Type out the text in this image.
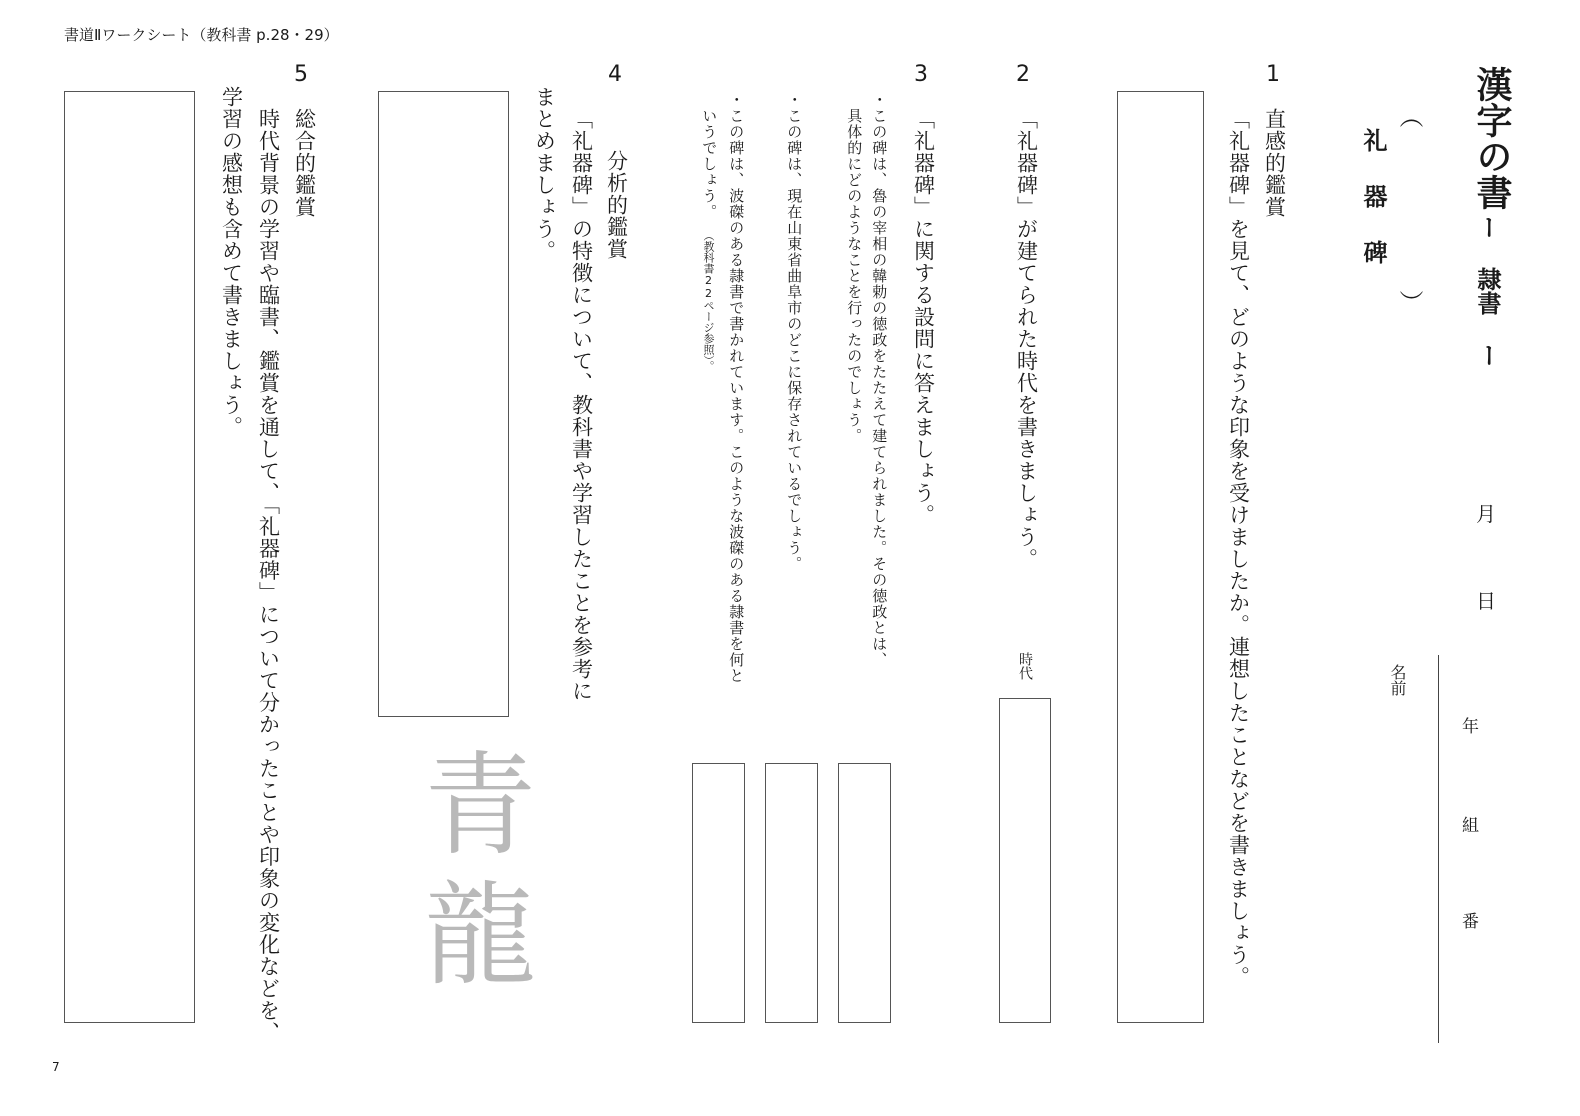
書道Ⅱワークシート（教科書 p.28・29）
7
漢字の書
ー 隷書 ー
（
礼　器　碑
）
月
日
名前
年
組
番
1
直感的鑑賞
「礼器碑」を見て、どのような印象を受けましたか。連想したことなどを書きましょう。
2
「礼器碑」が建てられた時代を書きましょう。
時代
3
「礼器碑」に関する設問に答えましょう。
・この碑は、魯の宰相の韓勅の徳政をたたえて建てられました。その徳政とは、
具体的にどのようなことを行ったのでしょう。
・この碑は、現在山東省曲阜市のどこに保存されているでしょう。
・この碑は、波磔のある隷書で書かれています。このような波磔のある隷書を何と
いうでしょう。
（教科書22ページ参照）。
4
分析的鑑賞
「礼器碑」の特徴について、教科書や学習したことを参考に
まとめましょう。
青
龍
5
総合的鑑賞
時代背景の学習や臨書、鑑賞を通して、「礼器碑」について分かったことや印象の変化などを、
学習の感想も含めて書きましょう。
